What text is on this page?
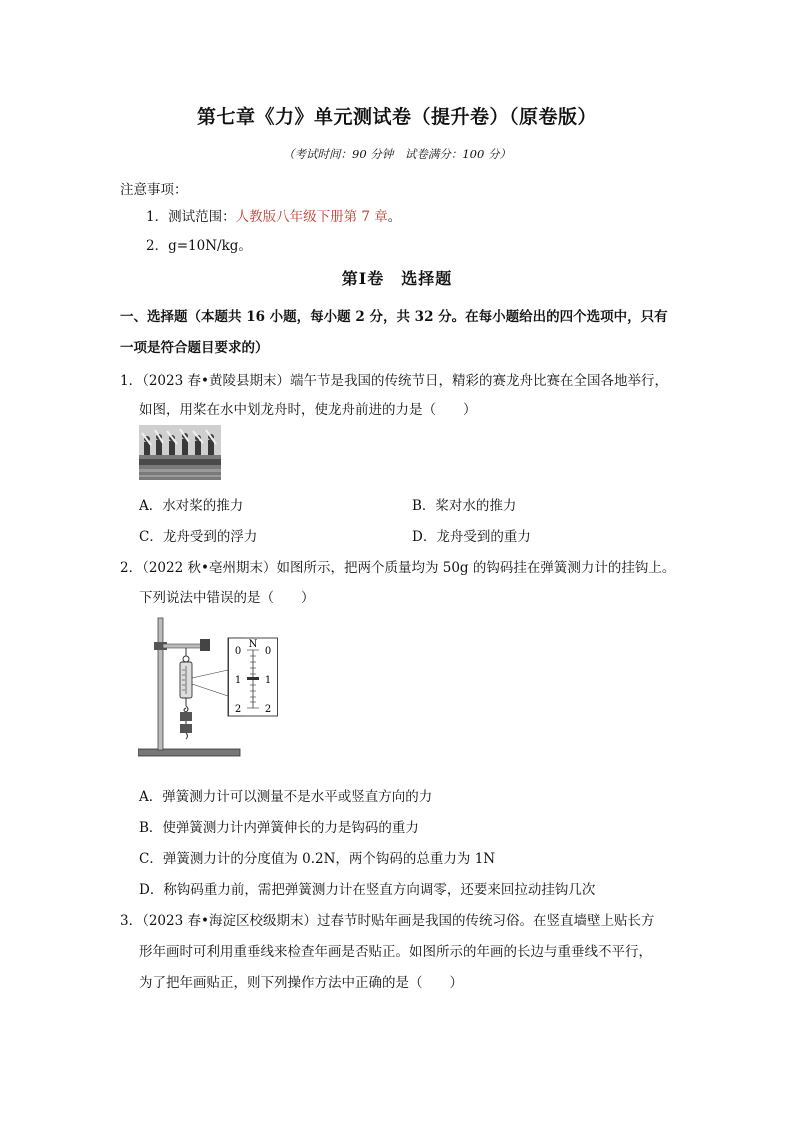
第七章《力》单元测试卷（提升卷）（原卷版）
（考试时间：90 分钟　试卷满分：100 分）
注意事项：
1．测试范围：人教版八年级下册第 7 章。
2．g=10N/kg。
第Ⅰ卷　选择题
一、选择题（本题共 16 小题，每小题 2 分，共 32 分。在每小题给出的四个选项中，只有
一项是符合题目要求的）
1．（2023 春•黄陵县期末）端午节是我国的传统节日，精彩的赛龙舟比赛在全国各地举行，
如图，用桨在水中划龙舟时，使龙舟前进的力是（　　）
A．水对桨的推力	B．桨对水的推力
C．龙舟受到的浮力	D．龙舟受到的重力
2．（2022 秋•亳州期末）如图所示，把两个质量均为 50g 的钩码挂在弹簧测力计的挂钩上。
下列说法中错误的是（　　）
N
0 0
1 1
2 2
A．弹簧测力计可以测量不是水平或竖直方向的力
B．使弹簧测力计内弹簧伸长的力是钩码的重力
C．弹簧测力计的分度值为 0.2N，两个钩码的总重力为 1N
D．称钩码重力前，需把弹簧测力计在竖直方向调零，还要来回拉动挂钩几次
3．（2023 春•海淀区校级期末）过春节时贴年画是我国的传统习俗。在竖直墙壁上贴长方
形年画时可利用重垂线来检查年画是否贴正。如图所示的年画的长边与重垂线不平行，
为了把年画贴正，则下列操作方法中正确的是（　　）
